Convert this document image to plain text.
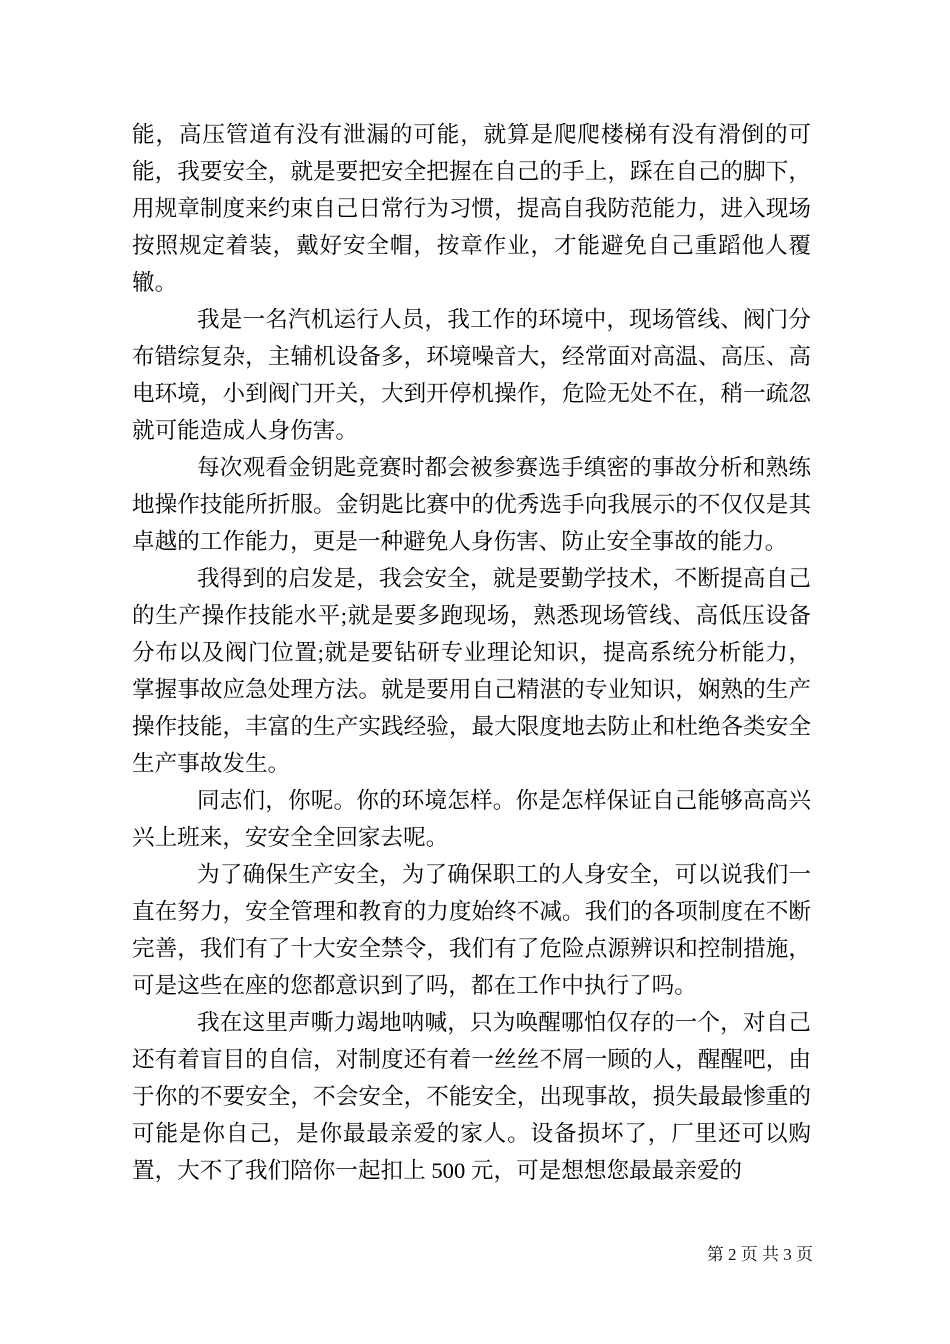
能，高压管道有没有泄漏的可能，就算是爬爬楼梯有没有滑倒的可能，我要安全，就是要把安全把握在自己的手上，踩在自己的脚下，用规章制度来约束自己日常行为习惯，提高自我防范能力，进入现场按照规定着装，戴好安全帽，按章作业，才能避免自己重蹈他人覆辙。

我是一名汽机运行人员，我工作的环境中，现场管线、阀门分布错综复杂，主辅机设备多，环境噪音大，经常面对高温、高压、高电环境，小到阀门开关，大到开停机操作，危险无处不在，稍一疏忽就可能造成人身伤害。

每次观看金钥匙竞赛时都会被参赛选手缜密的事故分析和熟练地操作技能所折服。金钥匙比赛中的优秀选手向我展示的不仅仅是其卓越的工作能力，更是一种避免人身伤害、防止安全事故的能力。

我得到的启发是，我会安全，就是要勤学技术，不断提高自己的生产操作技能水平;就是要多跑现场，熟悉现场管线、高低压设备分布以及阀门位置;就是要钻研专业理论知识，提高系统分析能力，掌握事故应急处理方法。就是要用自己精湛的专业知识，娴熟的生产操作技能，丰富的生产实践经验，最大限度地去防止和杜绝各类安全生产事故发生。

同志们，你呢。你的环境怎样。你是怎样保证自己能够高高兴兴上班来，安安全全回家去呢。

为了确保生产安全，为了确保职工的人身安全，可以说我们一直在努力，安全管理和教育的力度始终不减。我们的各项制度在不断完善，我们有了十大安全禁令，我们有了危险点源辨识和控制措施，可是这些在座的您都意识到了吗，都在工作中执行了吗。

我在这里声嘶力竭地呐喊，只为唤醒哪怕仅存的一个，对自己还有着盲目的自信，对制度还有着一丝丝不屑一顾的人，醒醒吧，由于你的不要安全，不会安全，不能安全，出现事故，损失最最惨重的可能是你自己，是你最最亲爱的家人。设备损坏了，厂里还可以购置，大不了我们陪你一起扣上 500 元，可是想想您最最亲爱的

第 2 页 共 3 页
